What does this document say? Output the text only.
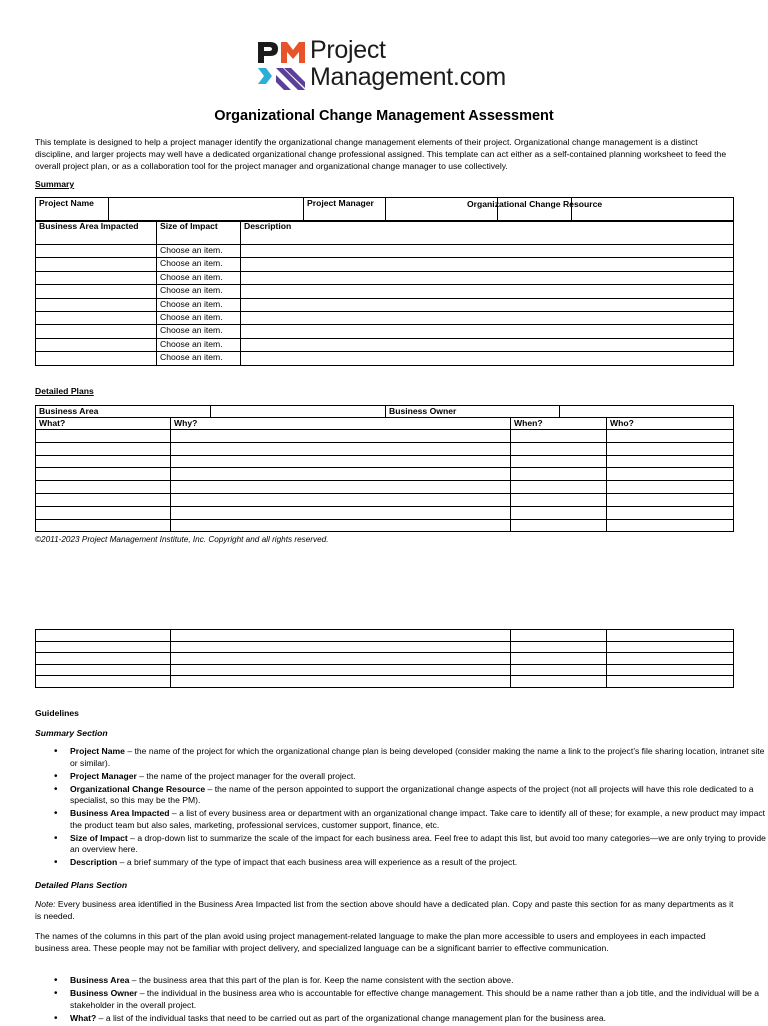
Project
Management.com
Organizational Change Management Assessment
This template is designed to help a project manager identify the organizational change management elements of their project. Organizational change management is a distinct discipline, and larger projects may well have a dedicated organizational change professional assigned. This template can act either as a self-contained planning worksheet to feed the overall project plan, or as a collaboration tool for the project manager and organizational change manager to use collectively.
Summary
Project Name		Project Manager				Organizational Change Resource
Business Area Impacted	Size of Impact	Description
	Choose an item.	
	Choose an item.	
	Choose an item.	
	Choose an item.	
	Choose an item.	
	Choose an item.	
	Choose an item.	
	Choose an item.	
	Choose an item.	
Detailed Plans
Business Area		Business Owner	
What?	Why?	When?	Who?

©2011-2023 Project Management Institute, Inc. Copyright and all rights reserved.

Guidelines
Summary Section
• Project Name – the name of the project for which the organizational change plan is being developed (consider making the name a link to the project’s file sharing location, intranet site or similar).
• Project Manager – the name of the project manager for the overall project.
• Organizational Change Resource – the name of the person appointed to support the organizational change aspects of the project (not all projects will have this role dedicated to a specialist, so this may be the PM).
• Business Area Impacted – a list of every business area or department with an organizational change impact. Take care to identify all of these; for example, a new product may impact the product team but also sales, marketing, professional services, customer support, finance, etc.
• Size of Impact – a drop-down list to summarize the scale of the impact for each business area. Feel free to adapt this list, but avoid too many categories—we are only trying to provide an overview here.
• Description – a brief summary of the type of impact that each business area will experience as a result of the project.
Detailed Plans Section
Note: Every business area identified in the Business Area Impacted list from the section above should have a dedicated plan. Copy and paste this section for as many departments as it is needed.
The names of the columns in this part of the plan avoid using project management-related language to make the plan more accessible to users and employees in each impacted business area. These people may not be familiar with project delivery, and specialized language can be a significant barrier to effective communication.
• Business Area – the business area that this part of the plan is for. Keep the name consistent with the section above.
• Business Owner – the individual in the business area who is accountable for effective change management. This should be a name rather than a job title, and the individual will be a stakeholder in the overall project.
• What? – a list of the individual tasks that need to be carried out as part of the organizational change management plan for the business area.
